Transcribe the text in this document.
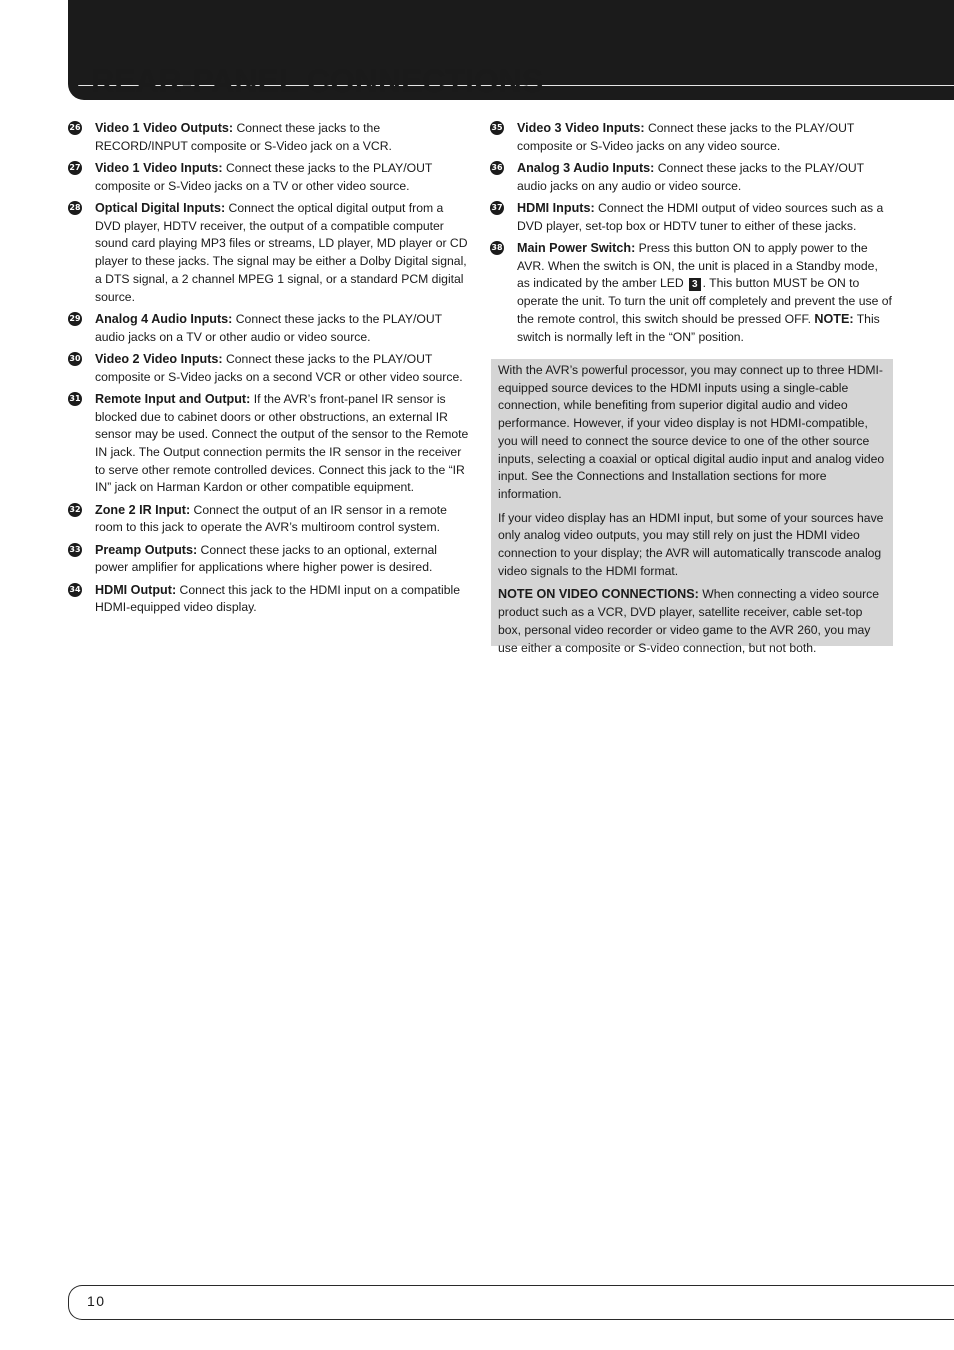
REAR-PANEL CONNECTIONS
26 Video 1 Video Outputs: Connect these jacks to the RECORD/INPUT composite or S-Video jack on a VCR.
27 Video 1 Video Inputs: Connect these jacks to the PLAY/OUT composite or S-Video jacks on a TV or other video source.
28 Optical Digital Inputs: Connect the optical digital output from a DVD player, HDTV receiver, the output of a compatible computer sound card playing MP3 files or streams, LD player, MD player or CD player to these jacks. The signal may be either a Dolby Digital signal, a DTS signal, a 2 channel MPEG 1 signal, or a standard PCM digital source.
29 Analog 4 Audio Inputs: Connect these jacks to the PLAY/OUT audio jacks on a TV or other audio or video source.
30 Video 2 Video Inputs: Connect these jacks to the PLAY/OUT composite or S-Video jacks on a second VCR or other video source.
31 Remote Input and Output: If the AVR’s front-panel IR sensor is blocked due to cabinet doors or other obstructions, an external IR sensor may be used. Connect the output of the sensor to the Remote IN jack. The Output connection permits the IR sensor in the receiver to serve other remote controlled devices. Connect this jack to the “IR IN” jack on Harman Kardon or other compatible equipment.
32 Zone 2 IR Input: Connect the output of an IR sensor in a remote room to this jack to operate the AVR’s multiroom control system.
33 Preamp Outputs: Connect these jacks to an optional, external power amplifier for applications where higher power is desired.
34 HDMI Output: Connect this jack to the HDMI input on a compatible HDMI-equipped video display.
35 Video 3 Video Inputs: Connect these jacks to the PLAY/OUT composite or S-Video jacks on any video source.
36 Analog 3 Audio Inputs: Connect these jacks to the PLAY/OUT audio jacks on any audio or video source.
37 HDMI Inputs: Connect the HDMI output of video sources such as a DVD player, set-top box or HDTV tuner to either of these jacks.
38 Main Power Switch: Press this button ON to apply power to the AVR. When the switch is ON, the unit is placed in a Standby mode, as indicated by the amber LED 3 . This button MUST be ON to operate the unit. To turn the unit off completely and prevent the use of the remote control, this switch should be pressed OFF. NOTE: This switch is normally left in the “ON” position.

With the AVR’s powerful processor, you may connect up to three HDMI-equipped source devices to the HDMI inputs using a single-cable connection, while benefiting from superior digital audio and video performance. However, if your video display is not HDMI-compatible, you will need to connect the source device to one of the other source inputs, selecting a coaxial or optical digital audio input and analog video input. See the Connections and Installation sections for more information.

If your video display has an HDMI input, but some of your sources have only analog video outputs, you may still rely on just the HDMI video connection to your display; the AVR will automatically transcode analog video signals to the HDMI format.

NOTE ON VIDEO CONNECTIONS: When connecting a video source product such as a VCR, DVD player, satellite receiver, cable set-top box, personal video recorder or video game to the AVR 260, you may use either a composite or S-video connection, but not both.

10
